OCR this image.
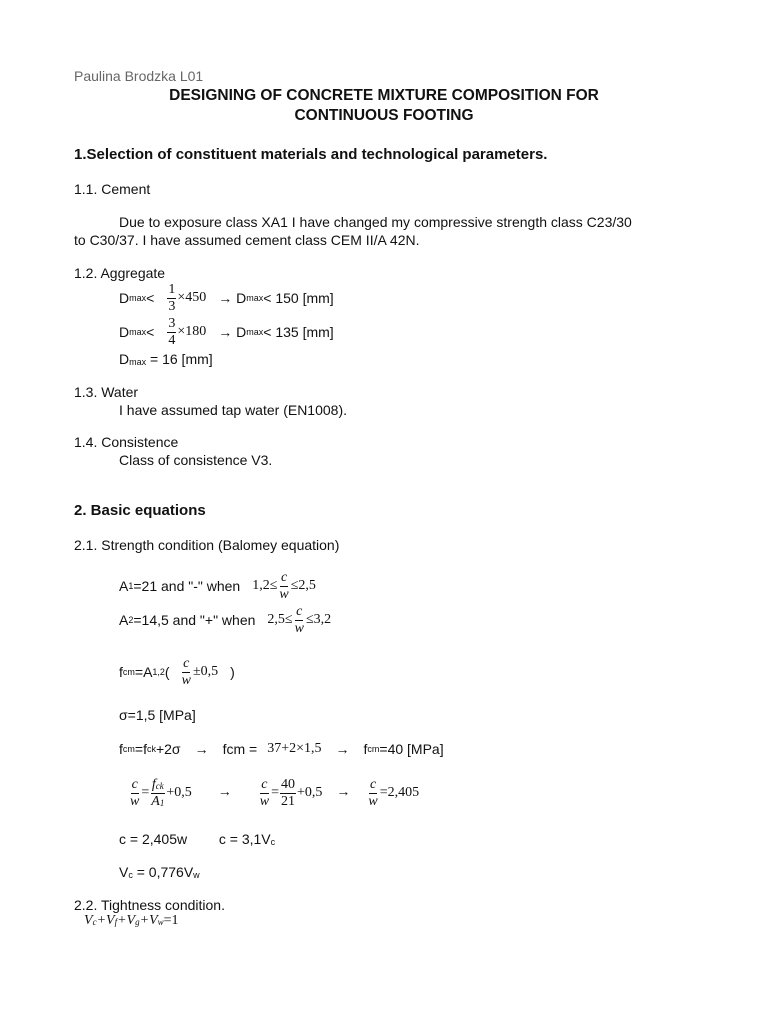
Paulina Brodzka L01
DESIGNING OF CONCRETE MIXTURE COMPOSITION FOR
CONTINUOUS FOOTING
1.Selection of constituent materials and technological parameters.
1.1. Cement
Due to exposure class XA1 I have changed my compressive strength class C23/30
to C30/37. I have assumed cement class CEM II/A 42N.
1.2. Aggregate
D $\max < \frac{1}{3} \times 450 \to D$ max < 150 [mm]
D $\max < \frac{3}{4} \times 180 \to D$ max < 135 [mm]
Dmax = 16 [mm]
1.3. Water
I have assumed tap water (EN1008).
1.4. Consistence
Class of consistence V3.
2. Basic equations
2.1. Strength condition (Balomey equation)
A 1 =21 and "-" when $1,2\le \frac{c}{w} \le 2,5$
A 2 =14,5 and "+" when $2,5\le \frac{c}{w} \le 3,2$
f cm =A 1,2 ( $\frac{c}{w} \pm 0,5$ )
σ=1,5 [MPa]
f cm =f ck +2σ → fcm = 37+2×1,5 → f cm =40 [MPa]
$\frac{c}{w} = \frac{\text{fck}}{A1} +0,5 \to \frac{c}{w} = \frac{40}{21} +0,5 \to \frac{c}{w} =2,405$
c = 2,405w c = 3,1Vc
Vc = 0,776Vw
2.2. Tightness condition.
Vc+Vf+Vg+Vw=1
